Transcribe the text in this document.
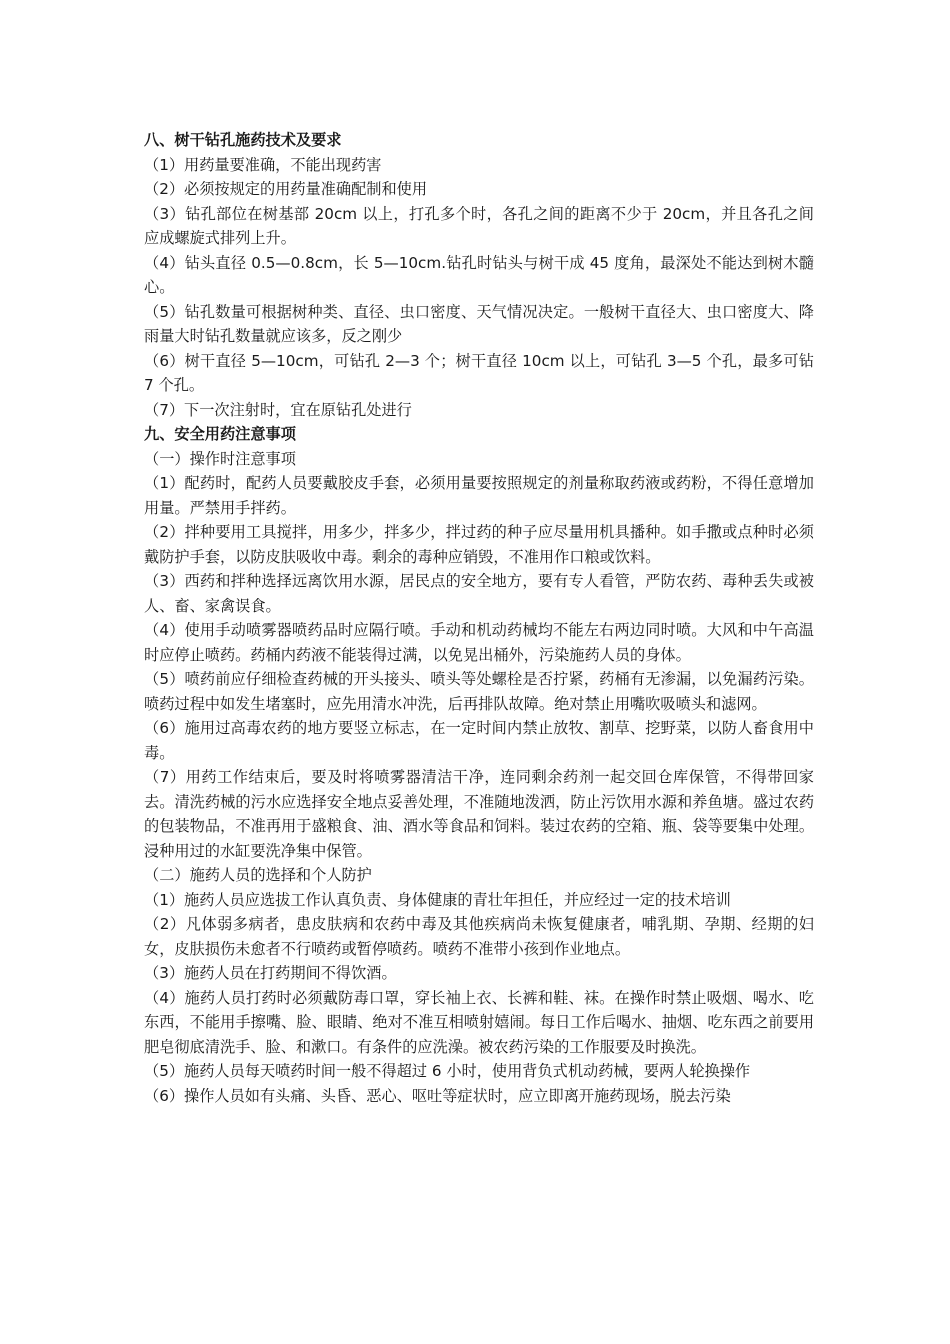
八、树干钻孔施药技术及要求

（1）用药量要准确，不能出现药害

（2）必须按规定的用药量准确配制和使用

（3）钻孔部位在树基部 20cm 以上，打孔多个时，各孔之间的距离不少于 20cm，并且各孔之间应成螺旋式排列上升。

（4）钻头直径 0.5—0.8cm，长 5—10cm.钻孔时钻头与树干成 45 度角，最深处不能达到树木髓心。

（5）钻孔数量可根据树种类、直径、虫口密度、天气情况决定。一般树干直径大、虫口密度大、降雨量大时钻孔数量就应该多，反之刚少

（6）树干直径 5—10cm，可钻孔 2—3 个；树干直径 10cm 以上，可钻孔 3—5 个孔，最多可钻 7 个孔。

（7）下一次注射时，宜在原钻孔处进行

九、安全用药注意事项

（一）操作时注意事项

（1）配药时，配药人员要戴胶皮手套，必须用量要按照规定的剂量称取药液或药粉，不得任意增加用量。严禁用手拌药。

（2）拌种要用工具搅拌，用多少，拌多少，拌过药的种子应尽量用机具播种。如手撒或点种时必须戴防护手套，以防皮肤吸收中毒。剩余的毒种应销毁，不准用作口粮或饮料。

（3）西药和拌种选择远离饮用水源，居民点的安全地方，要有专人看管，严防农药、毒种丢失或被人、畜、家禽误食。

（4）使用手动喷雾器喷药品时应隔行喷。手动和机动药械均不能左右两边同时喷。大风和中午高温时应停止喷药。药桶内药液不能装得过满，以免晃出桶外，污染施药人员的身体。

（5）喷药前应仔细检查药械的开头接头、喷头等处螺栓是否拧紧，药桶有无渗漏，以免漏药污染。喷药过程中如发生堵塞时，应先用清水冲洗，后再排队故障。绝对禁止用嘴吹吸喷头和滤网。

（6）施用过高毒农药的地方要竖立标志，在一定时间内禁止放牧、割草、挖野菜，以防人畜食用中毒。

（7）用药工作结束后，要及时将喷雾器清洁干净，连同剩余药剂一起交回仓库保管，不得带回家去。清洗药械的污水应选择安全地点妥善处理，不准随地泼洒，防止污饮用水源和养鱼塘。盛过农药的包装物品，不准再用于盛粮食、油、酒水等食品和饲料。装过农药的空箱、瓶、袋等要集中处理。浸种用过的水缸要洗净集中保管。

（二）施药人员的选择和个人防护

（1）施药人员应选拔工作认真负责、身体健康的青壮年担任，并应经过一定的技术培训

（2）凡体弱多病者，患皮肤病和农药中毒及其他疾病尚未恢复健康者，哺乳期、孕期、经期的妇女，皮肤损伤未愈者不行喷药或暂停喷药。喷药不准带小孩到作业地点。

（3）施药人员在打药期间不得饮酒。

（4）施药人员打药时必须戴防毒口罩，穿长袖上衣、长裤和鞋、袜。在操作时禁止吸烟、喝水、吃东西，不能用手擦嘴、脸、眼睛、绝对不准互相喷射嬉闹。每日工作后喝水、抽烟、吃东西之前要用肥皂彻底清洗手、脸、和漱口。有条件的应洗澡。被农药污染的工作服要及时换洗。

（5）施药人员每天喷药时间一般不得超过 6 小时，使用背负式机动药械，要两人轮换操作

（6）操作人员如有头痛、头昏、恶心、呕吐等症状时，应立即离开施药现场，脱去污染
